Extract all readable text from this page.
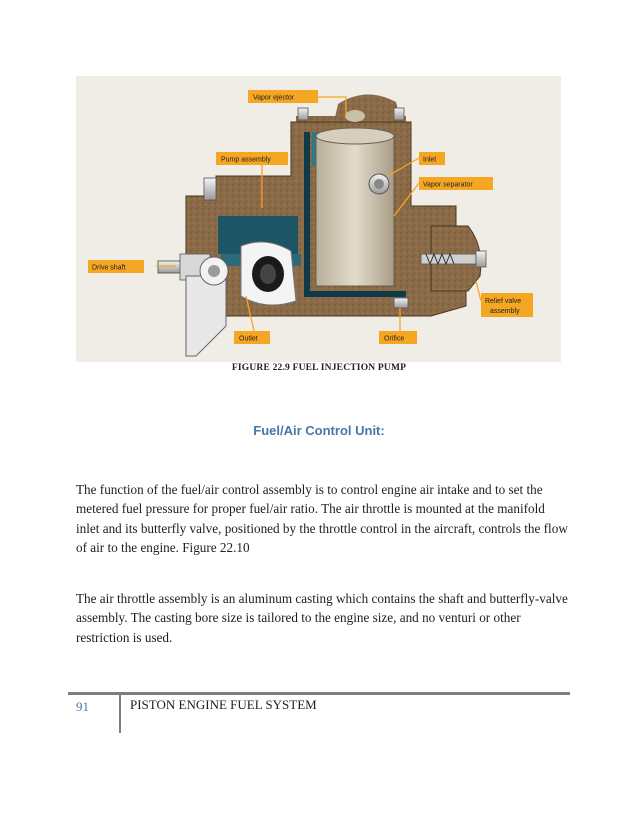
Vapor ejector
Pump assembly	Inlet
Vapor separator
Drive shaft
Relief valve
assembly
Outlet	Orifice
FIGURE 22.9 FUEL INJECTION PUMP
Fuel/Air Control Unit:
The function of the fuel/air control assembly is to control engine air intake and to set the metered fuel pressure for proper fuel/air ratio. The air throttle is mounted at the manifold inlet and its butterfly valve, positioned by the throttle control in the aircraft, controls the flow of air to the engine. Figure 22.10
The air throttle assembly is an aluminum casting which contains the shaft and butterfly-valve assembly. The casting bore size is tailored to the engine size, and no venturi or other restriction is used.
91	PISTON ENGINE FUEL SYSTEM
